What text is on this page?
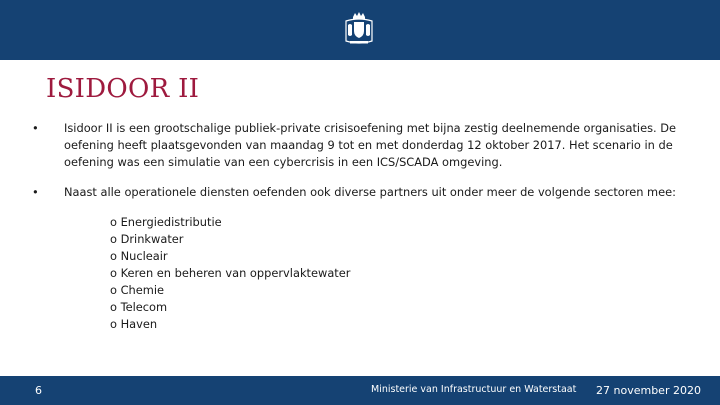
ISIDOOR II
• Isidoor II is een grootschalige publiek-private crisisoefening met bijna zestig deelnemende organisaties. De oefening heeft plaatsgevonden van maandag 9 tot en met donderdag 12 oktober 2017. Het scenario in de oefening was een simulatie van een cybercrisis in een ICS/SCADA omgeving.
• Naast alle operationele diensten oefenden ook diverse partners uit onder meer de volgende sectoren mee:
o Energiedistributie
o Drinkwater
o Nucleair
o Keren en beheren van oppervlaktewater
o Chemie
o Telecom
o Haven
6	Ministerie van Infrastructuur en Waterstaat 27 november 2020
